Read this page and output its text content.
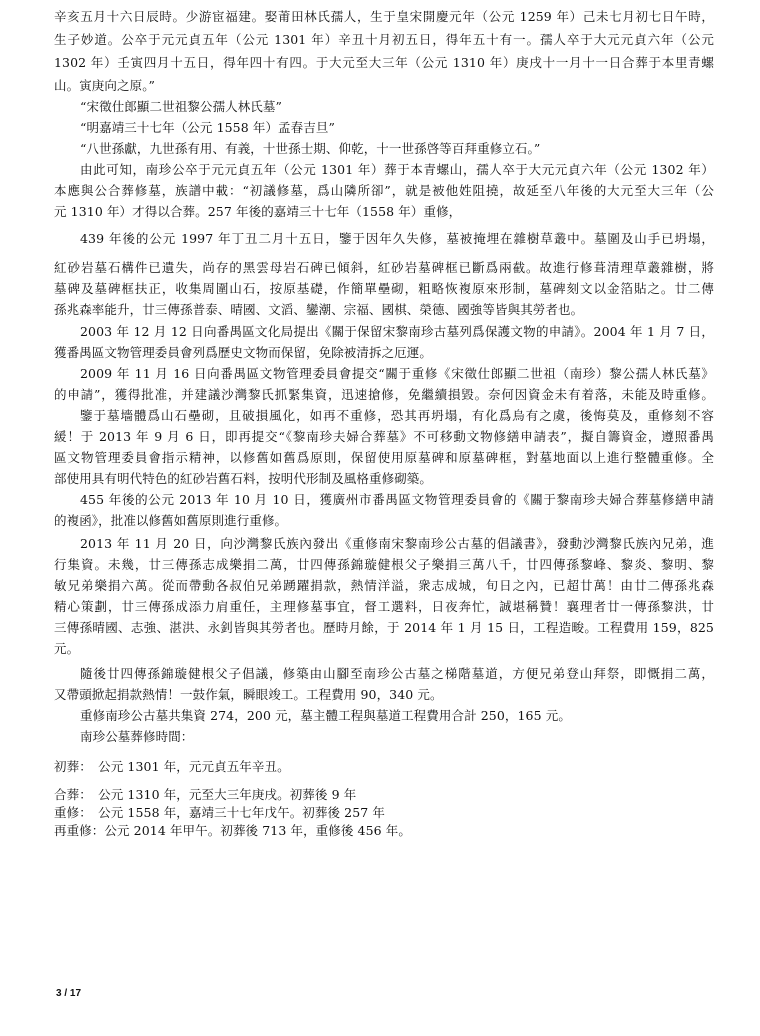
辛亥五月十六日辰時。少游宦福建。娶莆田林氏孺人，生于皇宋開慶元年（公元 1259 年）己未七月初七日午時，
生子妙道。公卒于元元貞五年（公元 1301 年）辛丑十月初五日，得年五十有一。孺人卒于大元元貞六年（公元
1302 年）壬寅四月十五日，得年四十有四。于大元至大三年（公元 1310 年）庚戌十一月十一日合葬于本里青螺
山。寅庚向之原。”
“宋徵仕郎顯二世祖黎公孺人林氏墓”
“明嘉靖三十七年（公元 1558 年）孟春吉旦”
“八世孫獻，九世孫有用、有義，十世孫士期、仰乾，十一世孫啓等百拜重修立石。”
由此可知，南珍公卒于元元貞五年（公元 1301 年）葬于本青螺山，孺人卒于大元元貞六年（公元 1302 年）
本應與公合葬修墓，族譜中載：“初議修墓，爲山隣所卻”，就是被他姓阻撓，故延至八年後的大元至大三年（公
元 1310 年）才得以合葬。257 年後的嘉靖三十七年（1558 年）重修，
439 年後的公元 1997 年丁丑二月十五日，鑒于因年久失修，墓被掩埋在雜樹草叢中。墓圍及山手已坍塌，
紅砂岩墓石構件已遺失，尚存的黑雲母岩石碑已傾斜，紅砂岩墓碑框已斷爲兩截。故進行修葺清理草叢雜樹，將
墓碑及墓碑框扶正，收集周圍山石，按原基礎，作簡單壘砌，粗略恢複原來形制，墓碑刻文以金箔貼之。廿二傳
孫兆森率能升，廿三傳孫普泰、晴國、文滔、鑾潮、宗福、國棋、榮德、國強等皆與其勞者也。
2003 年 12 月 12 日向番禺區文化局提出《關于保留宋黎南珍古墓列爲保護文物的申請》。2004 年 1 月 7 日，
獲番禺區文物管理委員會列爲歷史文物而保留，免除被清拆之厄運。
2009 年 11 月 16 日向番禺區文物管理委員會提交“關于重修《宋徵仕郎顯二世祖（南珍）黎公孺人林氏墓》
的申請”，獲得批准，并建議沙灣黎氏抓緊集資，迅速搶修，免繼續損毀。奈何因資金未有着落，未能及時重修。
鑒于墓墻體爲山石壘砌，且破損風化，如再不重修，恐其再坍塌，有化爲烏有之虞，後悔莫及，重修刻不容
緩！于 2013 年 9 月 6 日，即再提交“《黎南珍夫婦合葬墓》不可移動文物修繕申請表”，擬自籌資金，遵照番禺
區文物管理委員會指示精神，以修舊如舊爲原則，保留使用原墓碑和原墓碑框，對墓地面以上進行整體重修。全
部使用具有明代特色的紅砂岩舊石料，按明代形制及風格重修砌築。
455 年後的公元 2013 年 10 月 10 日，獲廣州市番禺區文物管理委員會的《關于黎南珍夫婦合葬墓修繕申請
的複函》，批准以修舊如舊原則進行重修。
2013 年 11 月 20 日，向沙灣黎氏族內發出《重修南宋黎南珍公古墓的倡議書》，發動沙灣黎氏族內兄弟，進
行集資。未幾，廿三傳孫志成樂捐二萬，廿四傳孫錦璇健根父子樂捐三萬八千，廿四傳孫黎峰、黎炎、黎明、黎
敏兄弟樂捐六萬。從而帶動各叔伯兄弟踴躍捐款，熱情洋溢，衆志成城，旬日之內，已超廿萬！由廿二傳孫兆森
精心策劃，廿三傳孫成添力肩重任，主理修墓事宜，督工選料，日夜奔忙，誠堪稱贊！襄理者廿一傳孫黎洪，廿
三傳孫晴國、志強、湛洪、永釗皆與其勞者也。歷時月餘，于 2014 年 1 月 15 日，工程造畯。工程費用 159，825
元。
隨後廿四傳孫錦璇健根父子倡議，修築由山腳至南珍公古墓之梯階墓道，方便兄弟登山拜祭，即慨捐二萬，
又帶頭掀起捐款熱情！一鼓作氣，瞬眼竣工。工程費用 90，340 元。
重修南珍公古墓共集資 274，200 元，墓主體工程與墓道工程費用合計 250，165 元。
南珍公墓葬修時間：
初葬：　公元 1301 年，元元貞五年辛丑。
合葬：　公元 1310 年，元至大三年庚戌。初葬後 9 年
重修：　公元 1558 年，嘉靖三十七年戊午。初葬後 257 年
再重修：公元 2014 年甲午。初葬後 713 年，重修後 456 年。
3 / 17
